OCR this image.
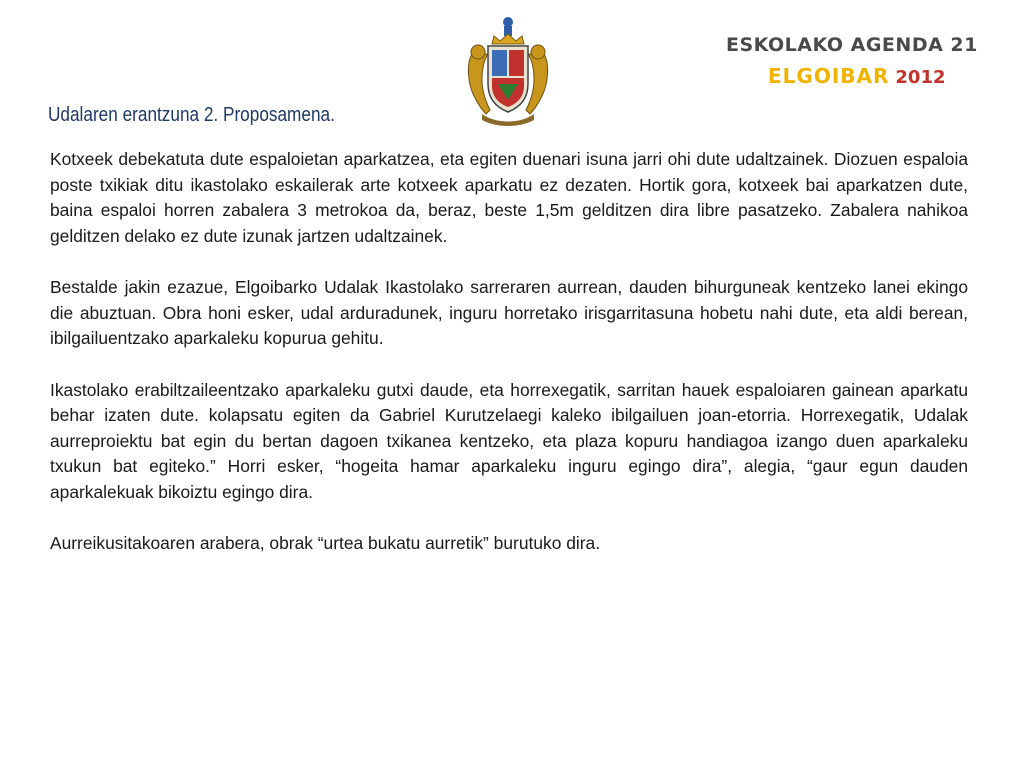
ESKOLAKO AGENDA 21
ELGOIBAR 2012
Udalaren erantzuna 2. Proposamena.

Kotxeek debekatuta dute espaloietan aparkatzea, eta egiten duenari isuna jarri ohi dute udaltzainek. Diozuen espaloia poste txikiak ditu ikastolako eskailerak arte kotxeek aparkatu ez dezaten. Hortik gora, kotxeek bai aparkatzen dute, baina espaloi horren zabalera 3 metrokoa da, beraz, beste 1,5m gelditzen dira libre pasatzeko. Zabalera nahikoa gelditzen delako ez dute izunak jartzen udaltzainek.

Bestalde jakin ezazue, Elgoibarko Udalak Ikastolako sarreraren aurrean, dauden bihurguneak kentzeko lanei ekingo die abuztuan. Obra honi esker, udal arduradunek, inguru horretako irisgarritasuna hobetu nahi dute, eta aldi berean, ibilgailuentzako aparkaleku kopurua gehitu.

Ikastolako erabiltzaileentzako aparkaleku gutxi daude, eta horrexegatik, sarritan hauek espaloiaren gainean aparkatu behar izaten dute. kolapsatu egiten da Gabriel Kurutzelaegi kaleko ibilgailuen joan-etorria. Horrexegatik, Udalak aurreproiektu bat egin du bertan dagoen txikanea kentzeko, eta plaza kopuru handiagoa izango duen aparkaleku txukun bat egiteko.” Horri esker, “hogeita hamar aparkaleku inguru egingo dira”, alegia, “gaur egun dauden aparkalekuak bikoiztu egingo dira.

Aurreikusitakoaren arabera, obrak “urtea bukatu aurretik” burutuko dira.
